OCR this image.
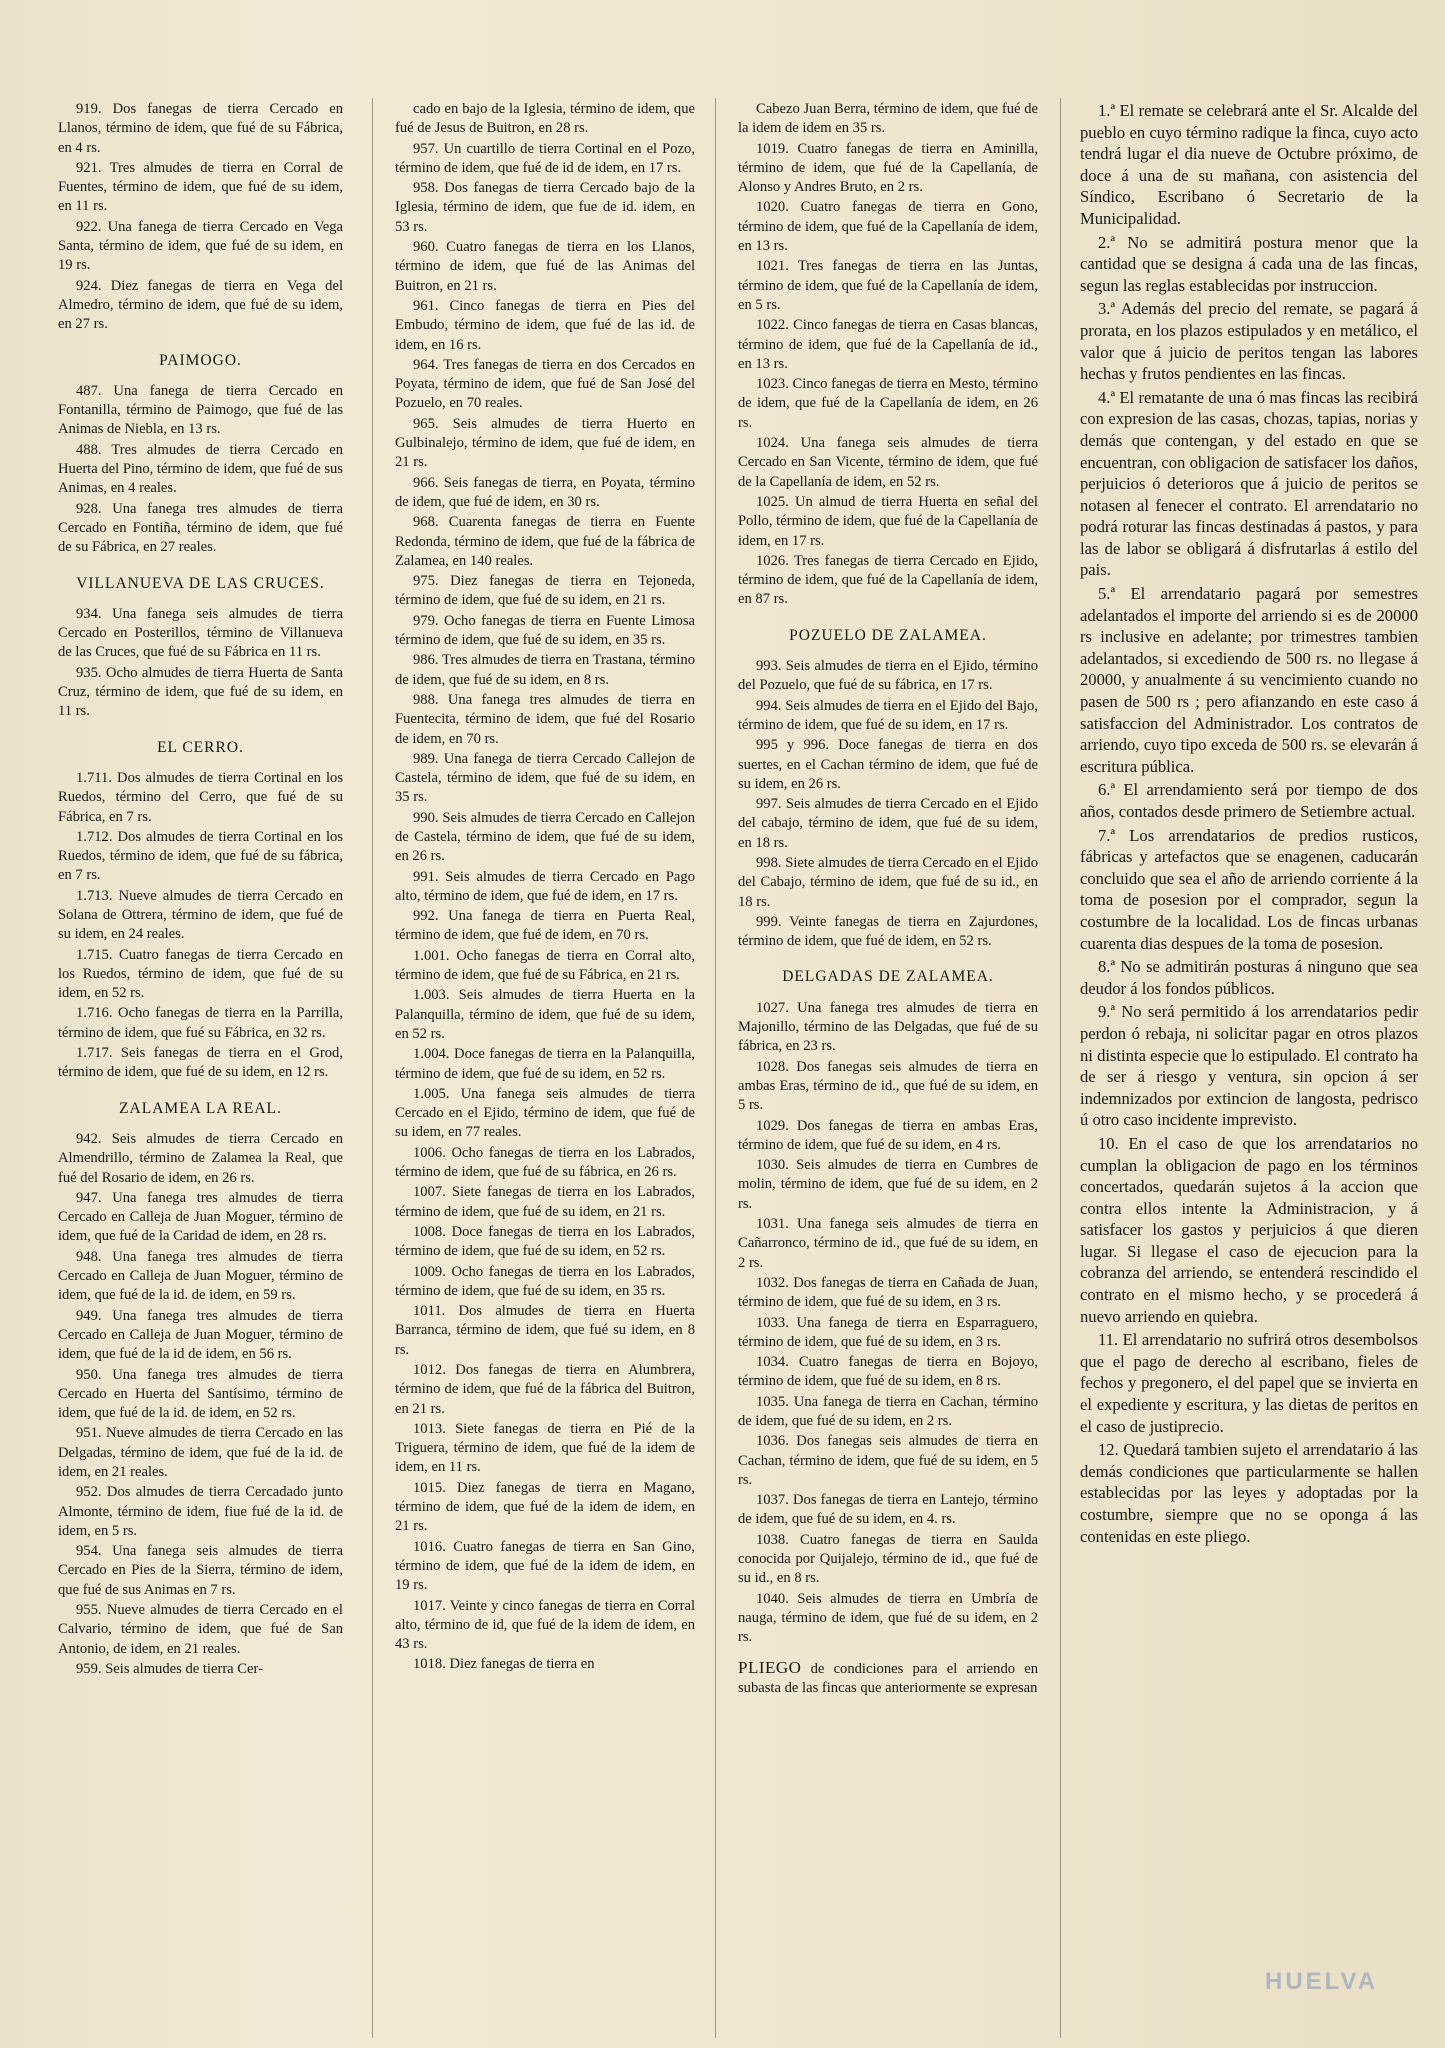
919. Dos fanegas de tierra Cercado en Llanos, término de idem, que fué de su Fábrica, en 4 rs.

921. Tres almudes de tierra en Corral de Fuentes, término de idem, que fué de su idem, en 11 rs.

922. Una fanega de tierra Cercado en Vega Santa, término de idem, que fué de su idem, en 19 rs.

924. Diez fanegas de tierra en Vega del Almedro, término de idem, que fué de su idem, en 27 rs.

PAIMOGO.

487. Una fanega de tierra Cercado en Fontanilla, término de Paimogo, que fué de las Animas de Niebla, en 13 rs.

488. Tres almudes de tierra Cercado en Huerta del Pino, término de idem, que fué de sus Animas, en 4 reales.

928. Una fanega tres almudes de tierra Cercado en Fontiña, término de idem, que fué de su Fábrica, en 27 reales.

VILLANUEVA DE LAS CRUCES.

934. Una fanega seis almudes de tierra Cercado en Posterillos, término de Villanueva de las Cruces, que fué de su Fábrica en 11 rs.

935. Ocho almudes de tierra Huerta de Santa Cruz, término de idem, que fué de su idem, en 11 rs.

EL CERRO.

1.711. Dos almudes de tierra Cortinal en los Ruedos, término del Cerro, que fué de su Fábrica, en 7 rs.

1.712. Dos almudes de tierra Cortinal en los Ruedos, término de idem, que fué de su fábrica, en 7 rs.

1.713. Nueve almudes de tierra Cercado en Solana de Ottrera, término de idem, que fué de su idem, en 24 reales.

1.715. Cuatro fanegas de tierra Cercado en los Ruedos, término de idem, que fué de su idem, en 52 rs.

1.716. Ocho fanegas de tierra en la Parrilla, término de idem, que fué su Fábrica, en 32 rs.

1.717. Seis fanegas de tierra en el Grod, término de idem, que fué de su idem, en 12 rs.

ZALAMEA LA REAL.

942. Seis almudes de tierra Cercado en Almendrillo, término de Zalamea la Real, que fué del Rosario de idem, en 26 rs.

947. Una fanega tres almudes de tierra Cercado en Calleja de Juan Moguer, término de idem, que fué de la Caridad de idem, en 28 rs.

948. Una fanega tres almudes de tierra Cercado en Calleja de Juan Moguer, término de idem, que fué de la id. de idem, en 59 rs.

949. Una fanega tres almudes de tierra Cercado en Calleja de Juan Moguer, término de idem, que fué de la id de idem, en 56 rs.

950. Una fanega tres almudes de tierra Cercado en Huerta del Santísimo, término de idem, que fué de la id. de idem, en 52 rs.

951. Nueve almudes de tierra Cercado en las Delgadas, término de idem, que fué de la id. de idem, en 21 reales.

952. Dos almudes de tierra Cercadado junto Almonte, término de idem, fiue fué de la id. de idem, en 5 rs.

954. Una fanega seis almudes de tierra Cercado en Pies de la Sierra, término de idem, que fué de sus Animas en 7 rs.

955. Nueve almudes de tierra Cercado en el Calvario, término de idem, que fué de San Antonio, de idem, en 21 reales.

959. Seis almudes de tierra Cer-

cado en bajo de la Iglesia, término de idem, que fué de Jesus de Buitron, en 28 rs.

957. Un cuartillo de tierra Cortinal en el Pozo, término de idem, que fué de id de idem, en 17 rs.

958. Dos fanegas de tierra Cercado bajo de la Iglesia, término de idem, que fue de id. idem, en 53 rs.

960. Cuatro fanegas de tierra en los Llanos, término de idem, que fué de las Animas del Buitron, en 21 rs.

961. Cinco fanegas de tierra en Pies del Embudo, término de idem, que fué de las id. de idem, en 16 rs.

964. Tres fanegas de tierra en dos Cercados en Poyata, término de idem, que fué de San José del Pozuelo, en 70 reales.

965. Seis almudes de tierra Huerto en Gulbinalejo, término de idem, que fué de idem, en 21 rs.

966. Seis fanegas de tierra, en Poyata, término de idem, que fué de idem, en 30 rs.

968. Cuarenta fanegas de tierra en Fuente Redonda, término de idem, que fué de la fábrica de Zalamea, en 140 reales.

975. Diez fanegas de tierra en Tejoneda, término de idem, que fué de su idem, en 21 rs.

979. Ocho fanegas de tierra en Fuente Limosa término de idem, que fué de su idem, en 35 rs.

986. Tres almudes de tierra en Trastana, término de idem, que fué de su idem, en 8 rs.

988. Una fanega tres almudes de tierra en Fuentecita, término de idem, que fué del Rosario de idem, en 70 rs.

989. Una fanega de tierra Cercado Callejon de Castela, término de idem, que fué de su idem, en 35 rs.

990. Seis almudes de tierra Cercado en Callejon de Castela, término de idem, que fué de su idem, en 26 rs.

991. Seis almudes de tierra Cercado en Pago alto, término de idem, que fué de idem, en 17 rs.

992. Una fanega de tierra en Puerta Real, término de idem, que fué de idem, en 70 rs.

1.001. Ocho fanegas de tierra en Corral alto, término de idem, que fué de su Fábrica, en 21 rs.

1.003. Seis almudes de tierra Huerta en la Palanquilla, término de idem, que fué de su idem, en 52 rs.

1.004. Doce fanegas de tierra en la Palanquilla, término de idem, que fué de su idem, en 52 rs.

1.005. Una fanega seis almudes de tierra Cercado en el Ejido, término de idem, que fué de su idem, en 77 reales.

1006. Ocho fanegas de tierra en los Labrados, término de idem, que fué de su fábrica, en 26 rs.

1007. Siete fanegas de tierra en los Labrados, término de idem, que fué de su idem, en 21 rs.

1008. Doce fanegas de tierra en los Labrados, término de idem, que fué de su idem, en 52 rs.

1009. Ocho fanegas de tierra en los Labrados, término de idem, que fué de su idem, en 35 rs.

1011. Dos almudes de tierra en Huerta Barranca, término de idem, que fué su idem, en 8 rs.

1012. Dos fanegas de tierra en Alumbrera, término de idem, que fué de la fábrica del Buitron, en 21 rs.

1013. Siete fanegas de tierra en Pié de la Triguera, término de idem, que fué de la idem de idem, en 11 rs.

1015. Diez fanegas de tierra en Magano, término de idem, que fué de la idem de idem, en 21 rs.

1016. Cuatro fanegas de tierra en San Gino, término de idem, que fué de la idem de idem, en 19 rs.

1017. Veinte y cinco fanegas de tierra en Corral alto, término de id, que fué de la idem de idem, en 43 rs.

1018. Diez fanegas de tierra en

Cabezo Juan Berra, término de idem, que fué de la idem de idem en 35 rs.

1019. Cuatro fanegas de tierra en Aminilla, término de idem, que fué de la Capellanía, de Alonso y Andres Bruto, en 2 rs.

1020. Cuatro fanegas de tierra en Gono, término de idem, que fué de la Capellanía de idem, en 13 rs.

1021. Tres fanegas de tierra en las Juntas, término de idem, que fué de la Capellanía de idem, en 5 rs.

1022. Cinco fanegas de tierra en Casas blancas, término de idem, que fué de la Capellanía de id., en 13 rs.

1023. Cinco fanegas de tierra en Mesto, término de idem, que fué de la Capellanía de idem, en 26 rs.

1024. Una fanega seis almudes de tierra Cercado en San Vicente, término de idem, que fué de la Capellanía de idem, en 52 rs.

1025. Un almud de tierra Huerta en señal del Pollo, término de idem, que fué de la Capellanía de idem, en 17 rs.

1026. Tres fanegas de tierra Cercado en Ejido, término de idem, que fué de la Capellanía de idem, en 87 rs.

POZUELO DE ZALAMEA.

993. Seis almudes de tierra en el Ejido, término del Pozuelo, que fué de su fábrica, en 17 rs.

994. Seis almudes de tierra en el Ejido del Bajo, término de idem, que fué de su idem, en 17 rs.

995 y 996. Doce fanegas de tierra en dos suertes, en el Cachan término de idem, que fué de su idem, en 26 rs.

997. Seis almudes de tierra Cercado en el Ejido del cabajo, término de idem, que fué de su idem, en 18 rs.

998. Siete almudes de tierra Cercado en el Ejido del Cabajo, término de idem, que fué de su id., en 18 rs.

999. Veinte fanegas de tierra en Zajurdones, término de idem, que fué de idem, en 52 rs.

DELGADAS DE ZALAMEA.

1027. Una fanega tres almudes de tierra en Majonillo, término de las Delgadas, que fué de su fábrica, en 23 rs.

1028. Dos fanegas seis almudes de tierra en ambas Eras, término de id., que fué de su idem, en 5 rs.

1029. Dos fanegas de tierra en ambas Eras, término de idem, que fué de su idem, en 4 rs.

1030. Seis almudes de tierra en Cumbres de molin, término de idem, que fué de su idem, en 2 rs.

1031. Una fanega seis almudes de tierra en Cañarronco, término de id., que fué de su idem, en 2 rs.

1032. Dos fanegas de tierra en Cañada de Juan, término de idem, que fué de su idem, en 3 rs.

1033. Una fanega de tierra en Esparraguero, término de idem, que fué de su idem, en 3 rs.

1034. Cuatro fanegas de tierra en Bojoyo, término de idem, que fué de su idem, en 8 rs.

1035. Una fanega de tierra en Cachan, término de idem, que fué de su idem, en 2 rs.

1036. Dos fanegas seis almudes de tierra en Cachan, término de idem, que fué de su idem, en 5 rs.

1037. Dos fanegas de tierra en Lantejo, término de idem, que fué de su idem, en 4. rs.

1038. Cuatro fanegas de tierra en Saulda conocida por Quijalejo, término de id., que fué de su id., en 8 rs.

1040. Seis almudes de tierra en Umbría de nauga, término de idem, que fué de su idem, en 2 rs.

PLIEGO de condiciones para el arriendo en subasta de las fincas que anteriormente se expresan

1.ª El remate se celebrará ante el Sr. Alcalde del pueblo en cuyo término radique la finca, cuyo acto tendrá lugar el dia nueve de Octubre próximo, de doce á una de su mañana, con asistencia del Síndico, Escribano ó Secretario de la Municipalidad.

2.ª No se admitirá postura menor que la cantidad que se designa á cada una de las fincas, segun las reglas establecidas por instruccion.

3.ª Además del precio del remate, se pagará á prorata, en los plazos estipulados y en metálico, el valor que á juicio de peritos tengan las labores hechas y frutos pendientes en las fincas.

4.ª El rematante de una ó mas fincas las recibirá con expresion de las casas, chozas, tapias, norias y demás que contengan, y del estado en que se encuentran, con obligacion de satisfacer los daños, perjuicios ó deterioros que á juicio de peritos se notasen al fenecer el contrato. El arrendatario no podrá roturar las fincas destinadas á pastos, y para las de labor se obligará á disfrutarlas á estilo del pais.

5.ª El arrendatario pagará por semestres adelantados el importe del arriendo si es de 20000 rs inclusive en adelante; por trimestres tambien adelantados, si excediendo de 500 rs. no llegase á 20000, y anualmente á su vencimiento cuando no pasen de 500 rs ; pero afianzando en este caso á satisfaccion del Administrador. Los contratos de arriendo, cuyo tipo exceda de 500 rs. se elevarán á escritura pública.

6.ª El arrendamiento será por tiempo de dos años, contados desde primero de Setiembre actual.

7.ª Los arrendatarios de predios rusticos, fábricas y artefactos que se enagenen, caducarán concluido que sea el año de arriendo corriente á la toma de posesion por el comprador, segun la costumbre de la localidad. Los de fincas urbanas cuarenta dias despues de la toma de posesion.

8.ª No se admitirán posturas á ninguno que sea deudor á los fondos públicos.

9.ª No será permitido á los arrendatarios pedir perdon ó rebaja, ni solicitar pagar en otros plazos ni distinta especie que lo estipulado. El contrato ha de ser á riesgo y ventura, sin opcion á ser indemnizados por extincion de langosta, pedrisco ú otro caso incidente imprevisto.

10. En el caso de que los arrendatarios no cumplan la obligacion de pago en los términos concertados, quedarán sujetos á la accion que contra ellos intente la Administracion, y á satisfacer los gastos y perjuicios á que dieren lugar. Si llegase el caso de ejecucion para la cobranza del arriendo, se entenderá rescindido el contrato en el mismo hecho, y se procederá á nuevo arriendo en quiebra.

11. El arrendatario no sufrirá otros desembolsos que el pago de derecho al escribano, fieles de fechos y pregonero, el del papel que se invierta en el expediente y escritura, y las dietas de peritos en el caso de justiprecio.

12. Quedará tambien sujeto el arrendatario á las demás condiciones que particularmente se hallen establecidas por las leyes y adoptadas por la costumbre, siempre que no se oponga á las contenidas en este pliego.

HUELVA
